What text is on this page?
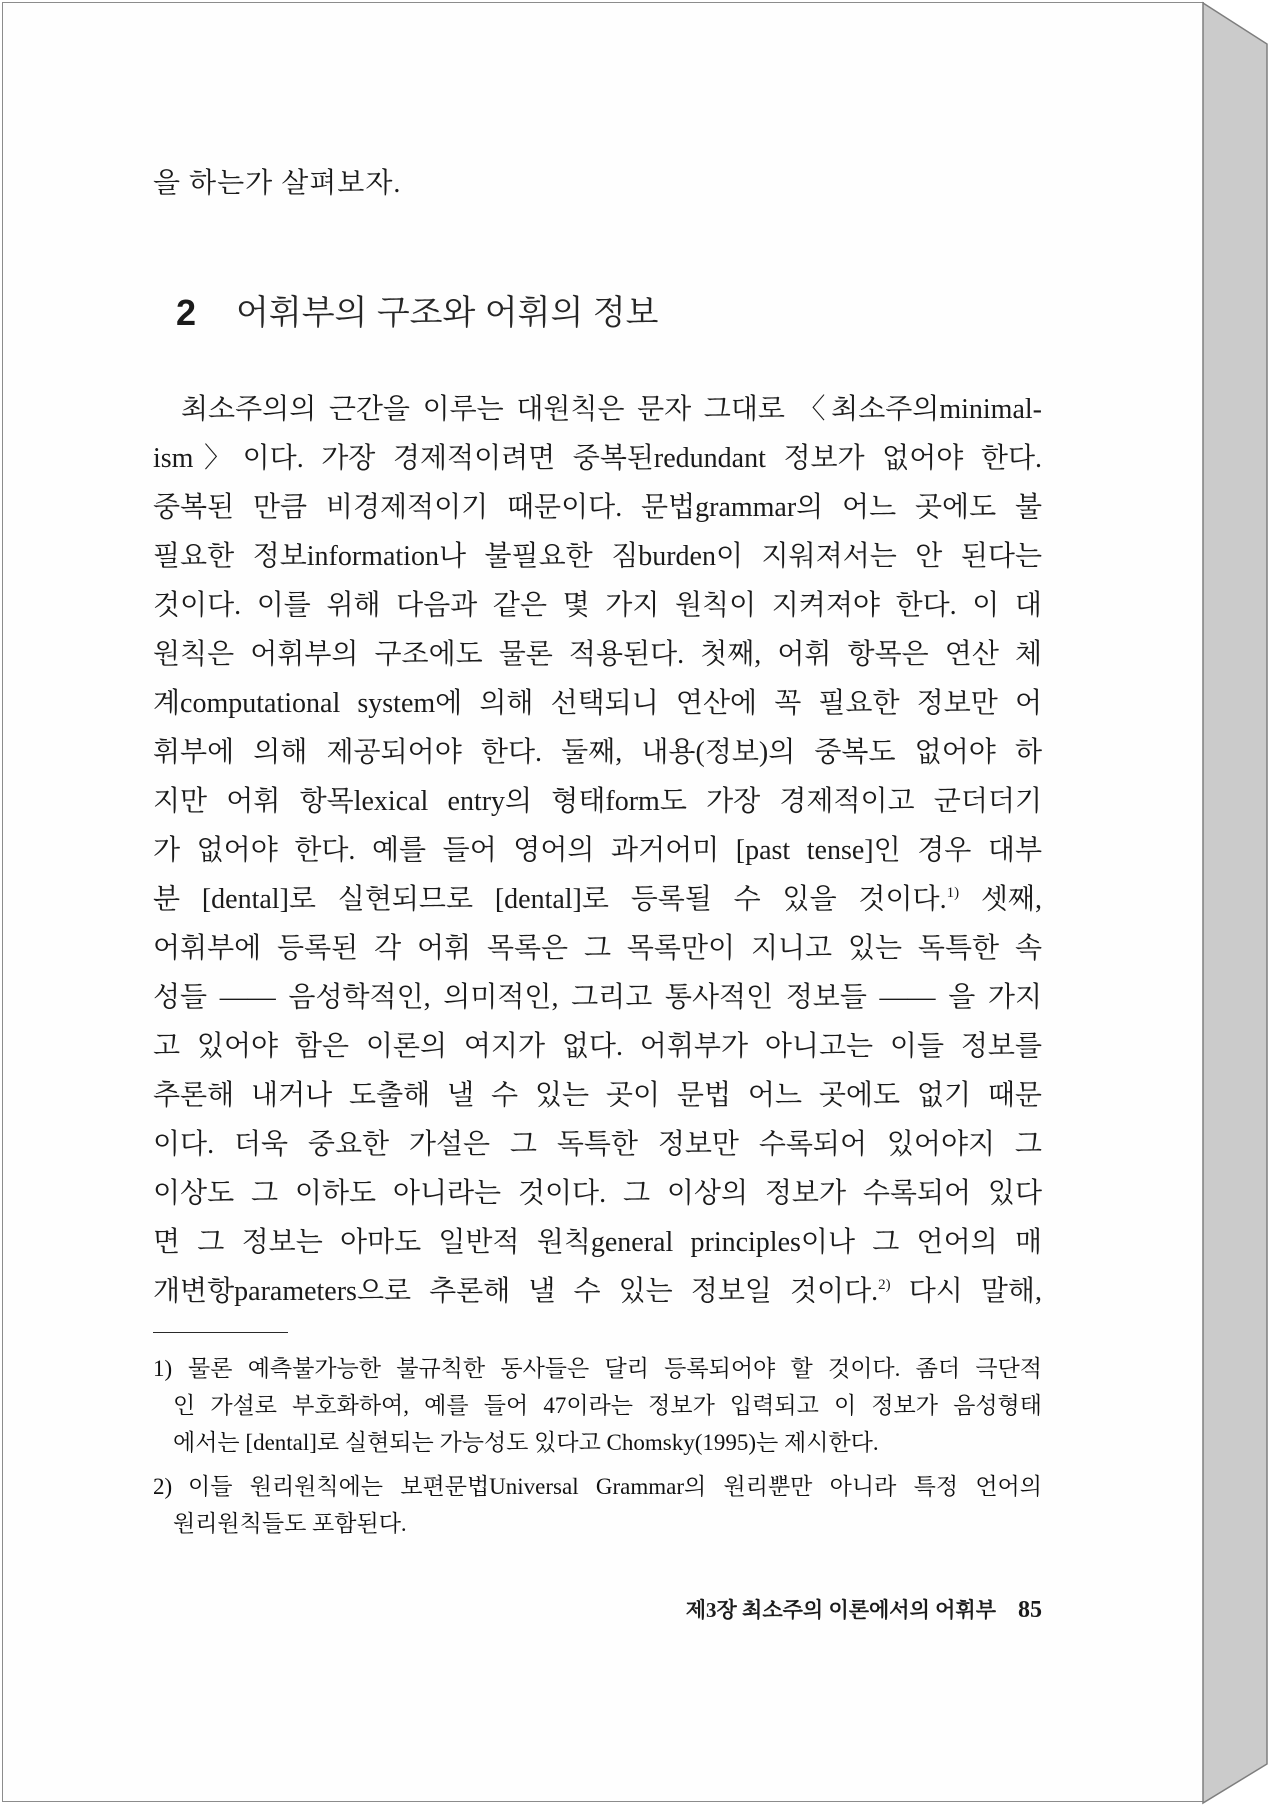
을 하는가 살펴보자.
2 어휘부의 구조와 어휘의 정보
최소주의의 근간을 이루는 대원칙은 문자 그대로 〈최소주의minimal-
ism〉이다. 가장 경제적이려면 중복된redundant 정보가 없어야 한다.
중복된 만큼 비경제적이기 때문이다. 문법grammar의 어느 곳에도 불
필요한 정보information나 불필요한 짐burden이 지워져서는 안 된다는
것이다. 이를 위해 다음과 같은 몇 가지 원칙이 지켜져야 한다. 이 대
원칙은 어휘부의 구조에도 물론 적용된다. 첫째, 어휘 항목은 연산 체
계computational system에 의해 선택되니 연산에 꼭 필요한 정보만 어
휘부에 의해 제공되어야 한다. 둘째, 내용(정보)의 중복도 없어야 하
지만 어휘 항목lexical entry의 형태form도 가장 경제적이고 군더더기
가 없어야 한다. 예를 들어 영어의 과거어미 [past tense]인 경우 대부
분 [dental]로 실현되므로 [dental]로 등록될 수 있을 것이다.$^{1)}$ 셋째,
어휘부에 등록된 각 어휘 목록은 그 목록만이 지니고 있는 독특한 속
성들 —— 음성학적인, 의미적인, 그리고 통사적인 정보들 —— 을 가지
고 있어야 함은 이론의 여지가 없다. 어휘부가 아니고는 이들 정보를
추론해 내거나 도출해 낼 수 있는 곳이 문법 어느 곳에도 없기 때문
이다. 더욱 중요한 가설은 그 독특한 정보만 수록되어 있어야지 그
이상도 그 이하도 아니라는 것이다. 그 이상의 정보가 수록되어 있다
면 그 정보는 아마도 일반적 원칙general principles이나 그 언어의 매
개변항parameters으로 추론해 낼 수 있는 정보일 것이다.$^{2)}$ 다시 말해,
1) 물론 예측불가능한 불규칙한 동사들은 달리 등록되어야 할 것이다. 좀더 극단적
인 가설로 부호화하여, 예를 들어 47이라는 정보가 입력되고 이 정보가 음성형태
에서는 [dental]로 실현되는 가능성도 있다고 Chomsky(1995)는 제시한다.
2) 이들 원리원칙에는 보편문법Universal Grammar의 원리뿐만 아니라 특정 언어의
원리원칙들도 포함된다.
제3장 최소주의 이론에서의 어휘부 85
